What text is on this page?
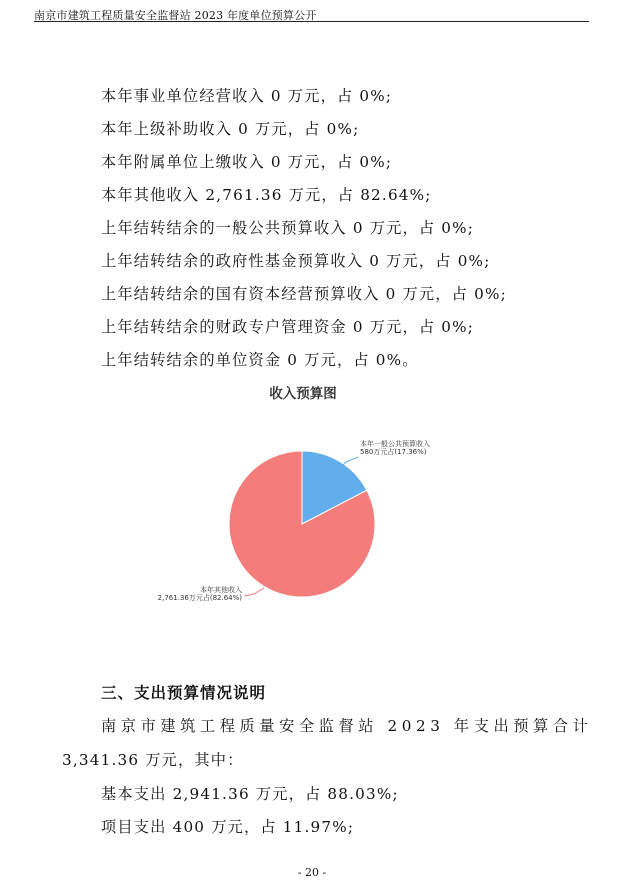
南京市建筑工程质量安全监督站 2023 年度单位预算公开
本年事业单位经营收入 0 万元，占 0%;
本年上级补助收入 0 万元，占 0%;
本年附属单位上缴收入 0 万元，占 0%;
本年其他收入 2,761.36 万元，占 82.64%;
上年结转结余的一般公共预算收入 0 万元，占 0%;
上年结转结余的政府性基金预算收入 0 万元，占 0%;
上年结转结余的国有资本经营预算收入 0 万元，占 0%;
上年结转结余的财政专户管理资金 0 万元，占 0%;
上年结转结余的单位资金 0 万元，占 0%。
收入预算图
本年一般公共预算收入
580万元占(17.36%)
本年其他收入
2,761.36万元占(82.64%)
三、支出预算情况说明
南京市建筑工程质量安全监督站 2023 年支出预算合计
3,341.36 万元，其中：
基本支出 2,941.36 万元，占 88.03%;
项目支出 400 万元，占 11.97%;
- 20 -
